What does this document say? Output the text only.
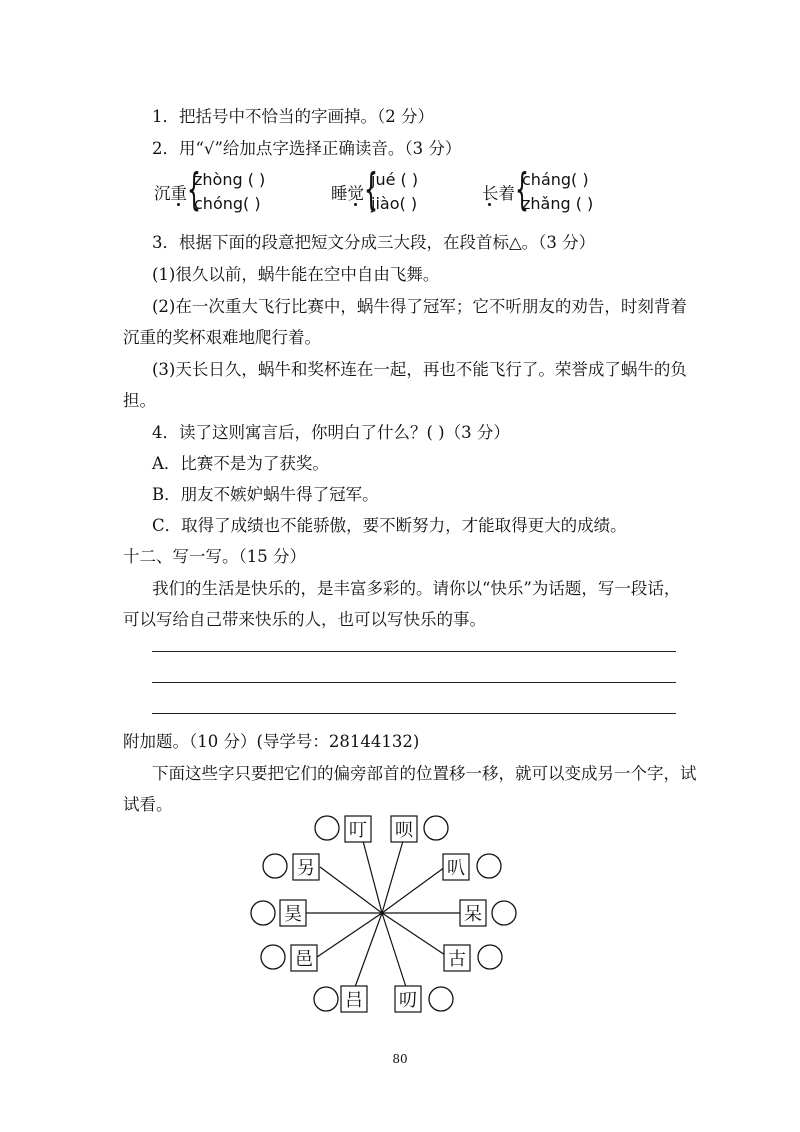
1．把括号中不恰当的字画掉。（2 分）
2．用“√”给加点字选择正确读音。（3 分）
沉重 {
zhòng ( )
chóng( )
睡觉 {
jué ( )
jiào( )
长着 {
cháng( )
zhǎng ( )
3．根据下面的段意把短文分成三大段，在段首标△。（3 分）
(1)很久以前，蜗牛能在空中自由飞舞。
(2)在一次重大飞行比赛中，蜗牛得了冠军；它不听朋友的劝告，时刻背着
沉重的奖杯艰难地爬行着。
(3)天长日久，蜗牛和奖杯连在一起，再也不能飞行了。荣誉成了蜗牛的负
担。
4．读了这则寓言后，你明白了什么？( )（3 分）
A．比赛不是为了获奖。
B．朋友不嫉妒蜗牛得了冠军。
C．取得了成绩也不能骄傲，要不断努力，才能取得更大的成绩。
十二、写一写。（15 分）
我们的生活是快乐的，是丰富多彩的。请你以“快乐”为话题，写一段话，
可以写给自己带来快乐的人，也可以写快乐的事。
附加题。（10 分）(导学号：28144132)
下面这些字只要把它们的偏旁部首的位置移一移，就可以变成另一个字，试
试看。
叮 呗
叭
呆
古
叨
吕
邑
昊
另
80
